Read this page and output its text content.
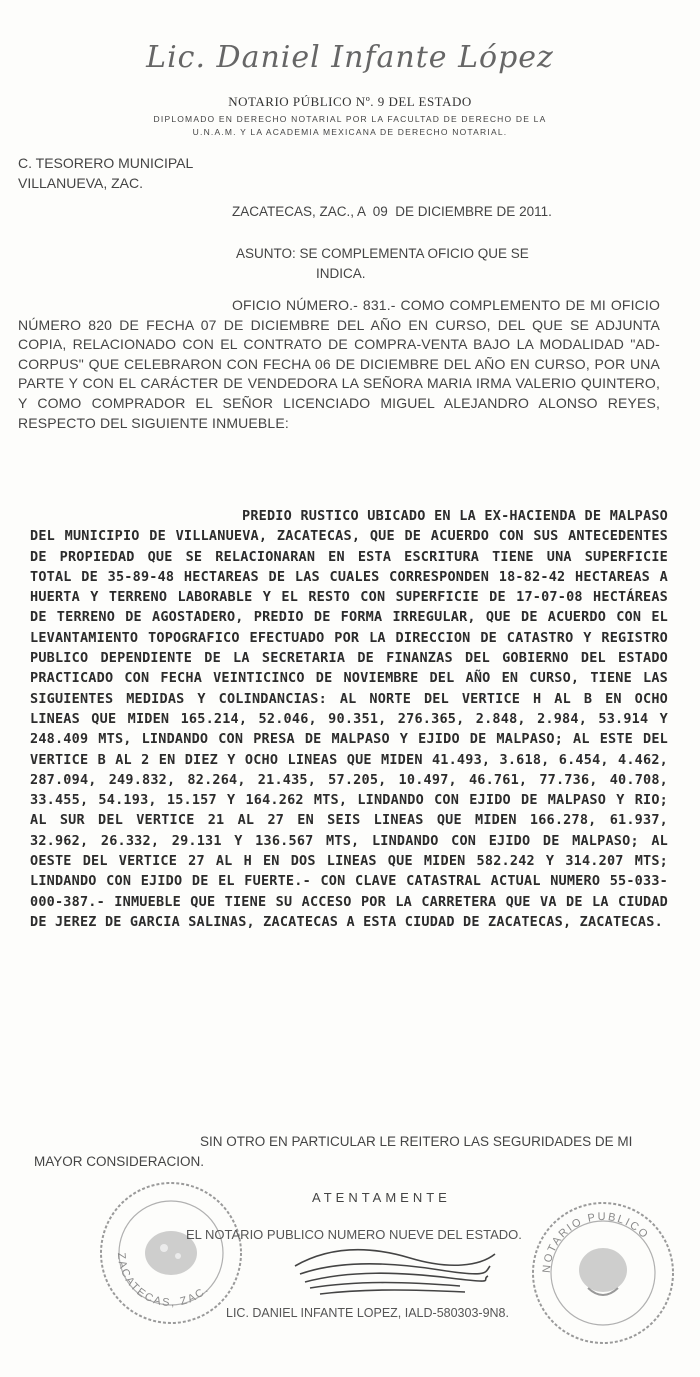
Lic. Daniel Infante López
NOTARIO PÚBLICO Nº. 9 DEL ESTADO
DIPLOMADO EN DERECHO NOTARIAL POR LA FACULTAD DE DERECHO DE LA
U.N.A.M. Y LA ACADEMIA MEXICANA DE DERECHO NOTARIAL.
C. TESORERO MUNICIPAL
VILLANUEVA, ZAC.
ZACATECAS, ZAC., A  09  DE DICIEMBRE DE 2011.
ASUNTO: SE COMPLEMENTA OFICIO QUE SE
INDICA.
OFICIO NÚMERO.- 831.- COMO COMPLEMENTO DE MI OFICIO NÚMERO 820 DE FECHA 07 DE DICIEMBRE DEL AÑO EN CURSO, DEL QUE SE ADJUNTA COPIA, RELACIONADO CON EL CONTRATO DE COMPRA-VENTA BAJO LA MODALIDAD "AD-CORPUS" QUE CELEBRARON CON FECHA 06 DE DICIEMBRE DEL AÑO EN CURSO, POR UNA PARTE Y CON EL CARÁCTER DE VENDEDORA LA SEÑORA MARIA IRMA VALERIO QUINTERO, Y COMO COMPRADOR EL SEÑOR LICENCIADO MIGUEL ALEJANDRO ALONSO REYES, RESPECTO DEL SIGUIENTE INMUEBLE:
PREDIO RUSTICO UBICADO EN LA EX-HACIENDA DE MALPASO DEL MUNICIPIO DE VILLANUEVA, ZACATECAS, QUE DE ACUERDO CON SUS ANTECEDENTES DE PROPIEDAD QUE SE RELACIONARAN EN ESTA ESCRITURA TIENE UNA SUPERFICIE TOTAL DE 35-89-48 HECTAREAS DE LAS CUALES CORRESPONDEN 18-82-42 HECTAREAS A HUERTA Y TERRENO LABORABLE Y EL RESTO CON SUPERFICIE DE 17-07-08 HECTÁREAS DE TERRENO DE AGOSTADERO, PREDIO DE FORMA IRREGULAR, QUE DE ACUERDO CON EL LEVANTAMIENTO TOPOGRAFICO EFECTUADO POR LA DIRECCION DE CATASTRO Y REGISTRO PUBLICO DEPENDIENTE DE LA SECRETARIA DE FINANZAS DEL GOBIERNO DEL ESTADO PRACTICADO CON FECHA VEINTICINCO DE NOVIEMBRE DEL AÑO EN CURSO, TIENE LAS SIGUIENTES MEDIDAS Y COLINDANCIAS: AL NORTE DEL VERTICE H AL B EN OCHO LINEAS QUE MIDEN 165.214, 52.046, 90.351, 276.365, 2.848, 2.984, 53.914 Y 248.409 MTS, LINDANDO CON PRESA DE MALPASO Y EJIDO DE MALPASO; AL ESTE DEL VERTICE B AL 2 EN DIEZ Y OCHO LINEAS QUE MIDEN 41.493, 3.618, 6.454, 4.462, 287.094, 249.832, 82.264, 21.435, 57.205, 10.497, 46.761, 77.736, 40.708, 33.455, 54.193, 15.157 Y 164.262 MTS, LINDANDO CON EJIDO DE MALPASO Y RIO; AL SUR DEL VERTICE 21 AL 27 EN SEIS LINEAS QUE MIDEN 166.278, 61.937, 32.962, 26.332, 29.131 Y 136.567 MTS, LINDANDO CON EJIDO DE MALPASO; AL OESTE DEL VERTICE 27 AL H EN DOS LINEAS QUE MIDEN 582.242 Y 314.207 MTS; LINDANDO CON EJIDO DE EL FUERTE.- CON CLAVE CATASTRAL ACTUAL NUMERO 55-033-000-387.- INMUEBLE QUE TIENE SU ACCESO POR LA CARRETERA QUE VA DE LA CIUDAD DE JEREZ DE GARCIA SALINAS, ZACATECAS A ESTA CIUDAD DE ZACATECAS, ZACATECAS.
SIN OTRO EN PARTICULAR LE REITERO LAS SEGURIDADES DE MI MAYOR CONSIDERACION.
ZACATECAS, ZAC.
NOTARIO PUBLICO
ATENTAMENTE
EL NOTARIO PUBLICO NUMERO NUEVE DEL ESTADO.
LIC. DANIEL INFANTE LOPEZ, IALD-580303-9N8.
